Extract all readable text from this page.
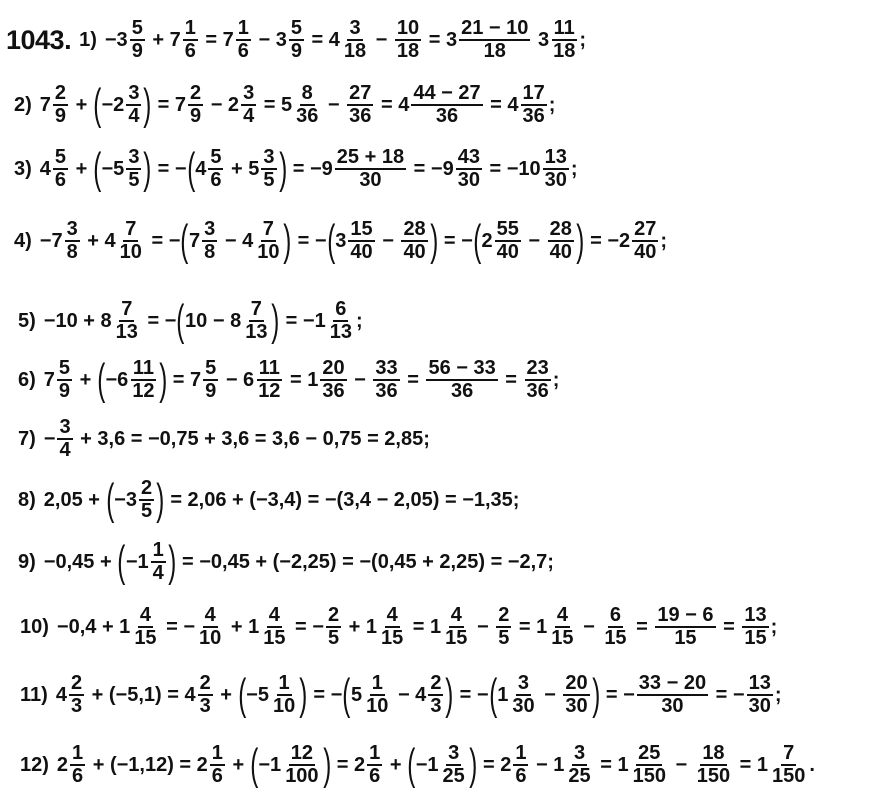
1043. $1) -3 \frac{5}{9} + 7 \frac{1}{6} = 7 \frac{1}{6} - 3 \frac{5}{9} = 4 \frac{3}{18} - \frac{10}{18} = 3 \frac{21 - 10}{18} 3 \frac{11}{18}$ ;
2) $7 \frac{2}{9}$ + ( $-2 \frac{3}{4}$ ) = $7 \frac{2}{9} - 2 \frac{3}{4} = 5 \frac{8}{36} - \frac{27}{36} = 4 \frac{44 - 27}{36} = 4 \frac{17}{36}$ ;
3) $4 \frac{5}{6}$ + ( $-5 \frac{3}{5}$ ) = − ( $4 \frac{5}{6} + 5 \frac{3}{5}$ ) = $-9 \frac{25 + 18}{30} = -9 \frac{43}{30} = -10 \frac{13}{30}$ ;
$4) -7 \frac{3}{8} + 4 \frac{7}{10}$ = − ( $7 \frac{3}{8} - 4 \frac{7}{10}$ ) = − ( $3 \frac{15}{40} - \frac{28}{40}$ ) = − ( $2 \frac{55}{40} - \frac{28}{40}$ ) = $-2 \frac{27}{40}$ ;
$5) -10 + 8 \frac{7}{13}$ = − ( $10 - 8 \frac{7}{13}$ ) = $-1 \frac{6}{13}$ ;
6) $7 \frac{5}{9}$ + ( $-6 \frac{11}{12}$ ) = $7 \frac{5}{9} - 6 \frac{11}{12} = 1 \frac{20}{36} - \frac{33}{36} = \frac{56 - 33}{36} = \frac{23}{36}$ ;
$7) - \frac{3}{4} + 3,6 = -0,75 + 3,6 = 3,6 - 0,75 = 2,85$;
8) 2,05 + ( $-3 \frac{2}{5}$ ) = 2,06 + (−3,4) = −(3,4 − 2,05) = −1,35;
9) −0,45 + ( $-1 \frac{1}{4}$ ) = −0,45 + (−2,25) = −(0,45 + 2,25) = −2,7;
$10) -0,4 + 1 \frac{4}{15}$ = − $\frac{4}{10} + 1 \frac{4}{15}$ = − $\frac{2}{5} + 1 \frac{4}{15} = 1 \frac{4}{15} - \frac{2}{5} = 1 \frac{4}{15} - \frac{6}{15} = \frac{19 - 6}{15} = \frac{13}{15}$ ;
11) $4 \frac{2}{3} + (-5,1) = 4 \frac{2}{3}$ + ( $-5 \frac{1}{10}$ ) = − ( $5 \frac{1}{10} - 4 \frac{2}{3}$ ) = − ( $1 \frac{3}{30} - \frac{20}{30}$ ) = − $\frac{33 - 20}{30}$ = − $\frac{13}{30}$ ;
12) $2 \frac{1}{6} + (-1,12) = 2 \frac{1}{6}$ + ( $-1 \frac{12}{100}$ ) = $2 \frac{1}{6}$ + ( $-1 \frac{3}{25}$ ) = $2 \frac{1}{6} - 1 \frac{3}{25} = 1 \frac{25}{150} - \frac{18}{150} = 1 \frac{7}{150}$ .
